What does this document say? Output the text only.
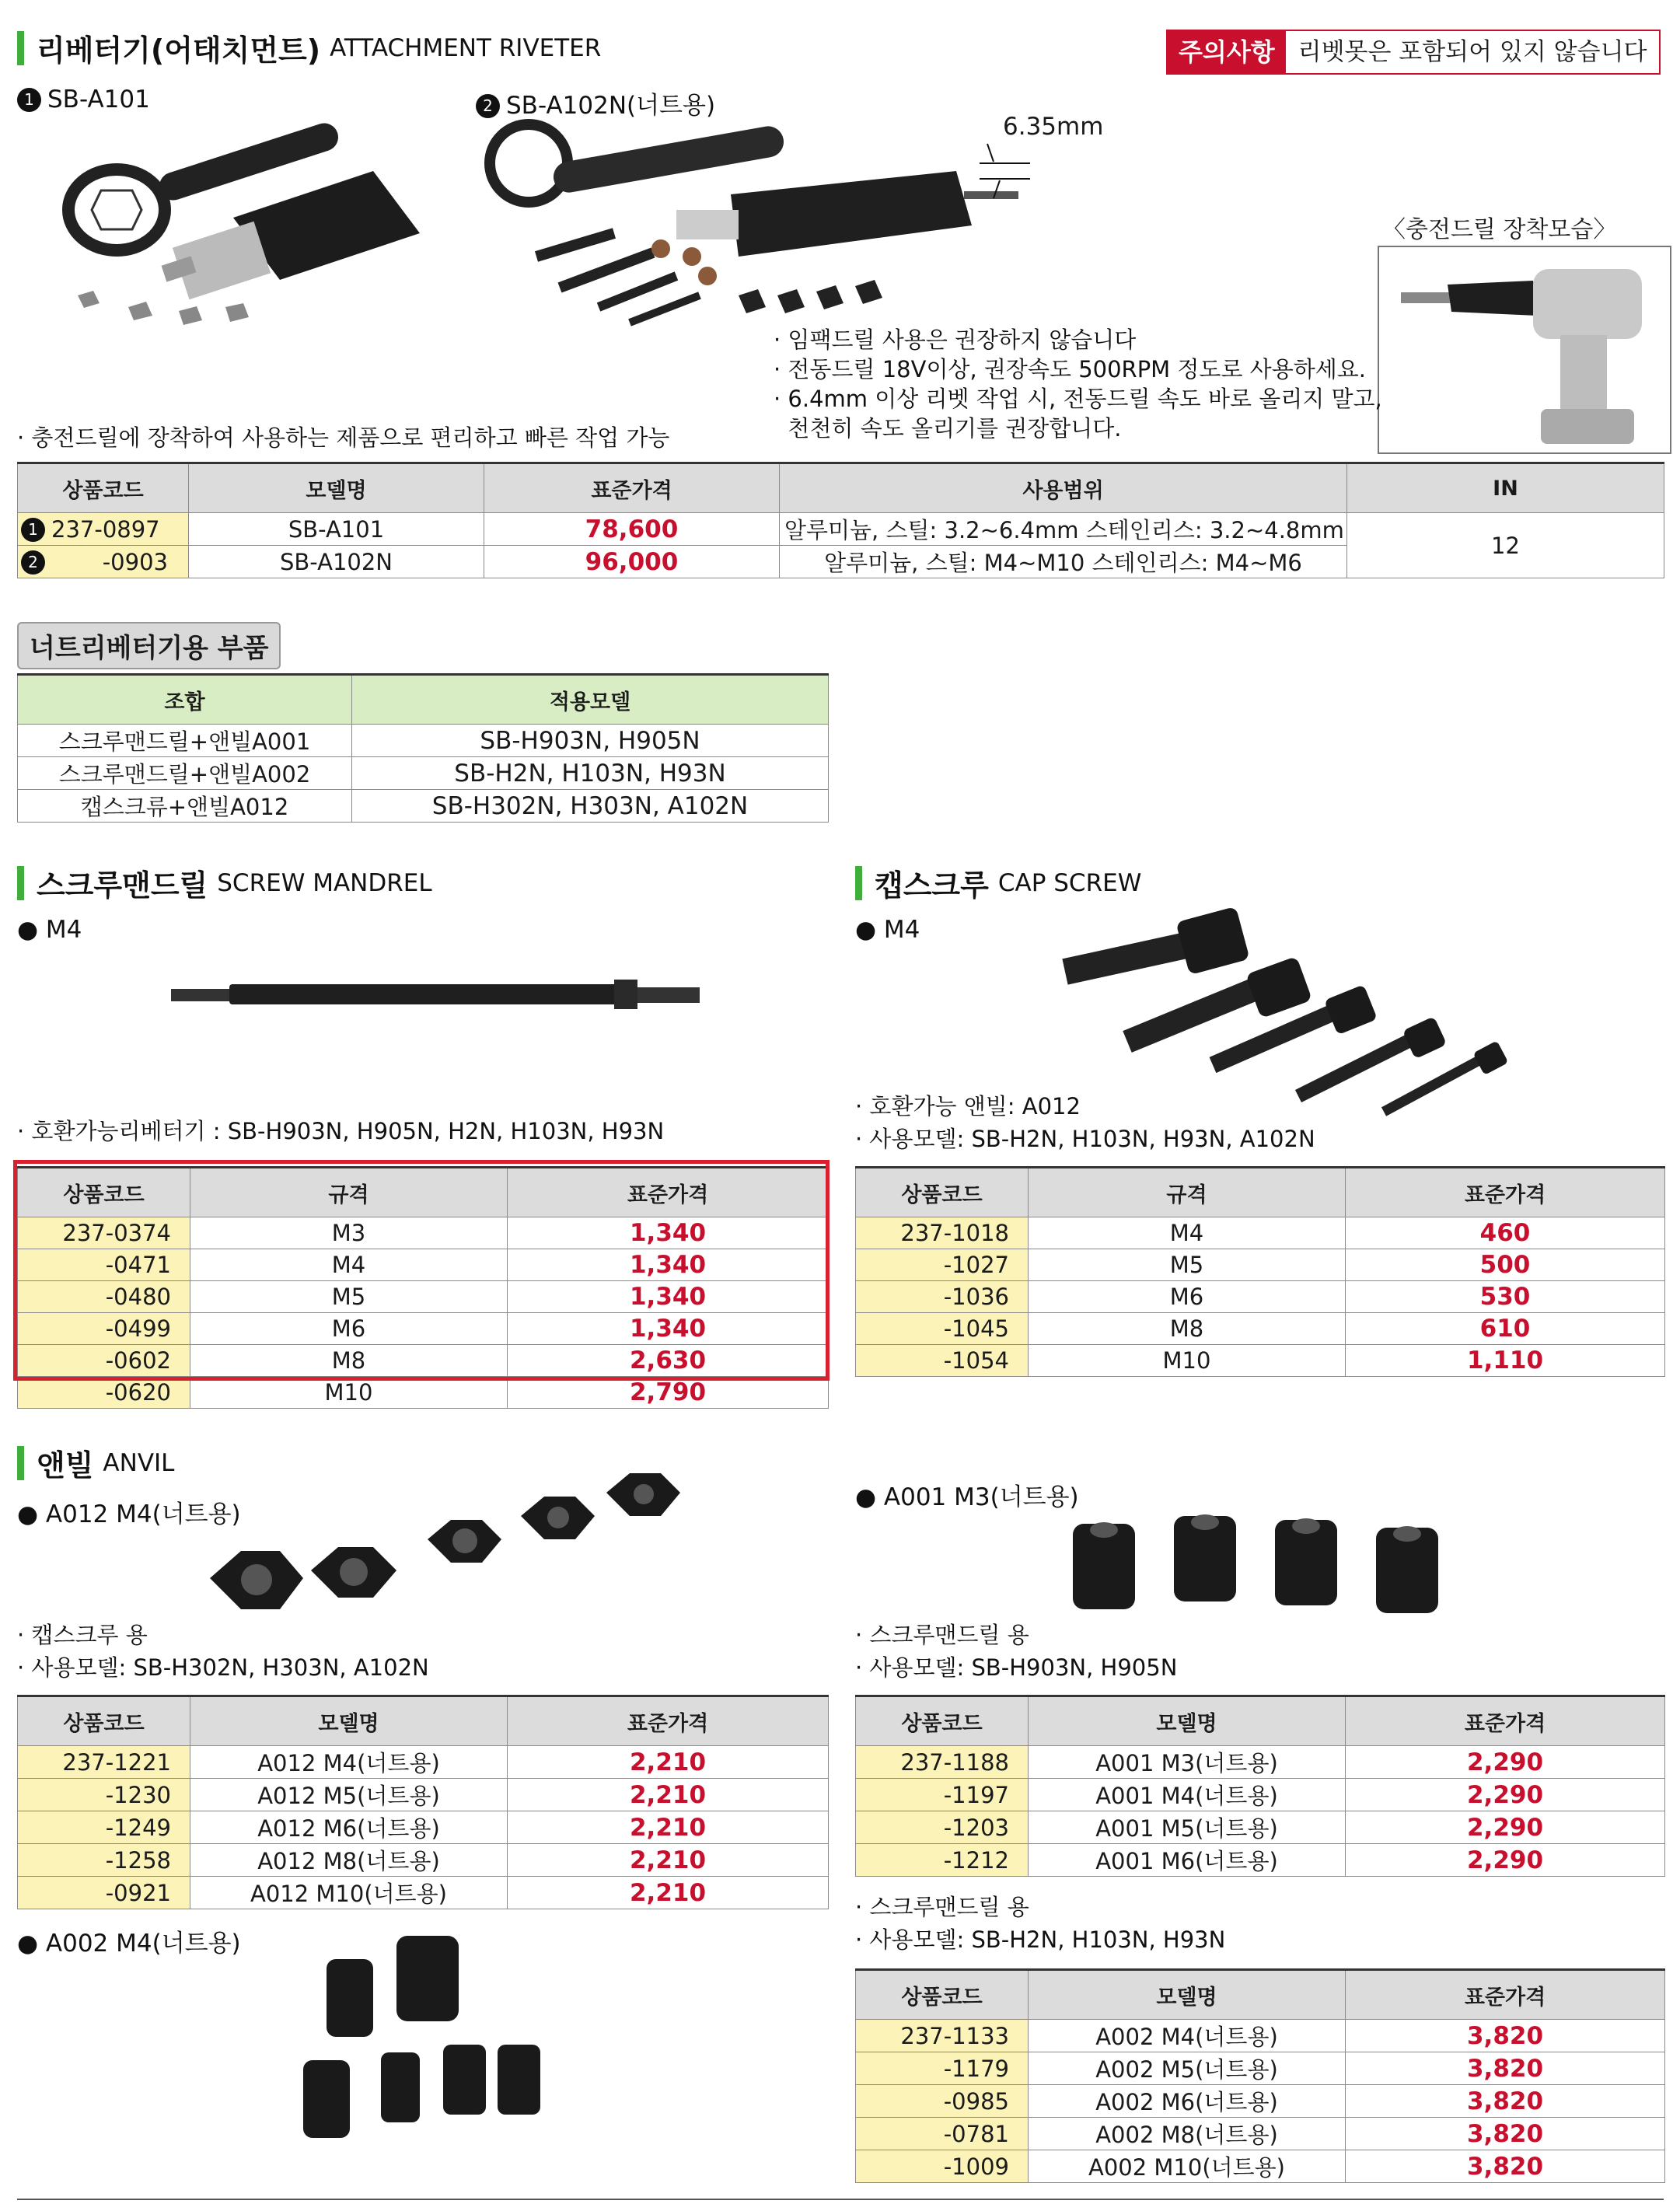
리베터기(어태치먼트) ATTACHMENT RIVETER	주의사항 리벳못은 포함되어 있지 않습니다
1 SB-A101	2 SB-A102N(너트용)
6.35mm
〈충전드릴 장착모습〉
· 충전드릴에 장착하여 사용하는 제품으로 편리하고 빠른 작업 가능
· 임팩드릴 사용은 권장하지 않습니다
· 전동드릴 18V이상, 권장속도 500RPM 정도로 사용하세요.
· 6.4mm 이상 리벳 작업 시, 전동드릴 속도 바로 올리지 말고,
천천히 속도 올리기를 권장합니다.
상품코드	모델명	표준가격	사용범위	IN
1 237-0897	SB-A101	78,600	알루미늄, 스틸: 3.2~6.4mm 스테인리스: 3.2~4.8mm	12
2 -0903	SB-A102N	96,000	알루미늄, 스틸: M4~M10 스테인리스: M4~M6	
너트리베터기용 부품
조합	적용모델
스크루맨드릴+앤빌A001	SB-H903N, H905N
스크루맨드릴+앤빌A002	SB-H2N, H103N, H93N
캡스크류+앤빌A012	SB-H302N, H303N, A102N
스크루맨드릴 SCREW MANDREL
● M4
· 호환가능리베터기 : SB-H903N, H905N, H2N, H103N, H93N
상품코드	규격	표준가격
237-0374	M3	1,340
-0471	M4	1,340
-0480	M5	1,340
-0499	M6	1,340
-0602	M8	2,630
-0620	M10	2,790
캡스크루 CAP SCREW
● M4
· 호환가능 앤빌: A012
· 사용모델: SB-H2N, H103N, H93N, A102N
상품코드	규격	표준가격
237-1018	M4	460
-1027	M5	500
-1036	M6	530
-1045	M8	610
-1054	M10	1,110
앤빌 ANVIL
● A012 M4(너트용)
· 캡스크루 용
· 사용모델: SB-H302N, H303N, A102N
상품코드	모델명	표준가격
237-1221	A012 M4(너트용)	2,210
-1230	A012 M5(너트용)	2,210
-1249	A012 M6(너트용)	2,210
-1258	A012 M8(너트용)	2,210
-0921	A012 M10(너트용)	2,210
● A002 M4(너트용)
● A001 M3(너트용)
· 스크루맨드릴 용
· 사용모델: SB-H903N, H905N
상품코드	모델명	표준가격
237-1188	A001 M3(너트용)	2,290
-1197	A001 M4(너트용)	2,290
-1203	A001 M5(너트용)	2,290
-1212	A001 M6(너트용)	2,290
· 스크루맨드릴 용
· 사용모델: SB-H2N, H103N, H93N
상품코드	모델명	표준가격
237-1133	A002 M4(너트용)	3,820
-1179	A002 M5(너트용)	3,820
-0985	A002 M6(너트용)	3,820
-0781	A002 M8(너트용)	3,820
-1009	A002 M10(너트용)	3,820
